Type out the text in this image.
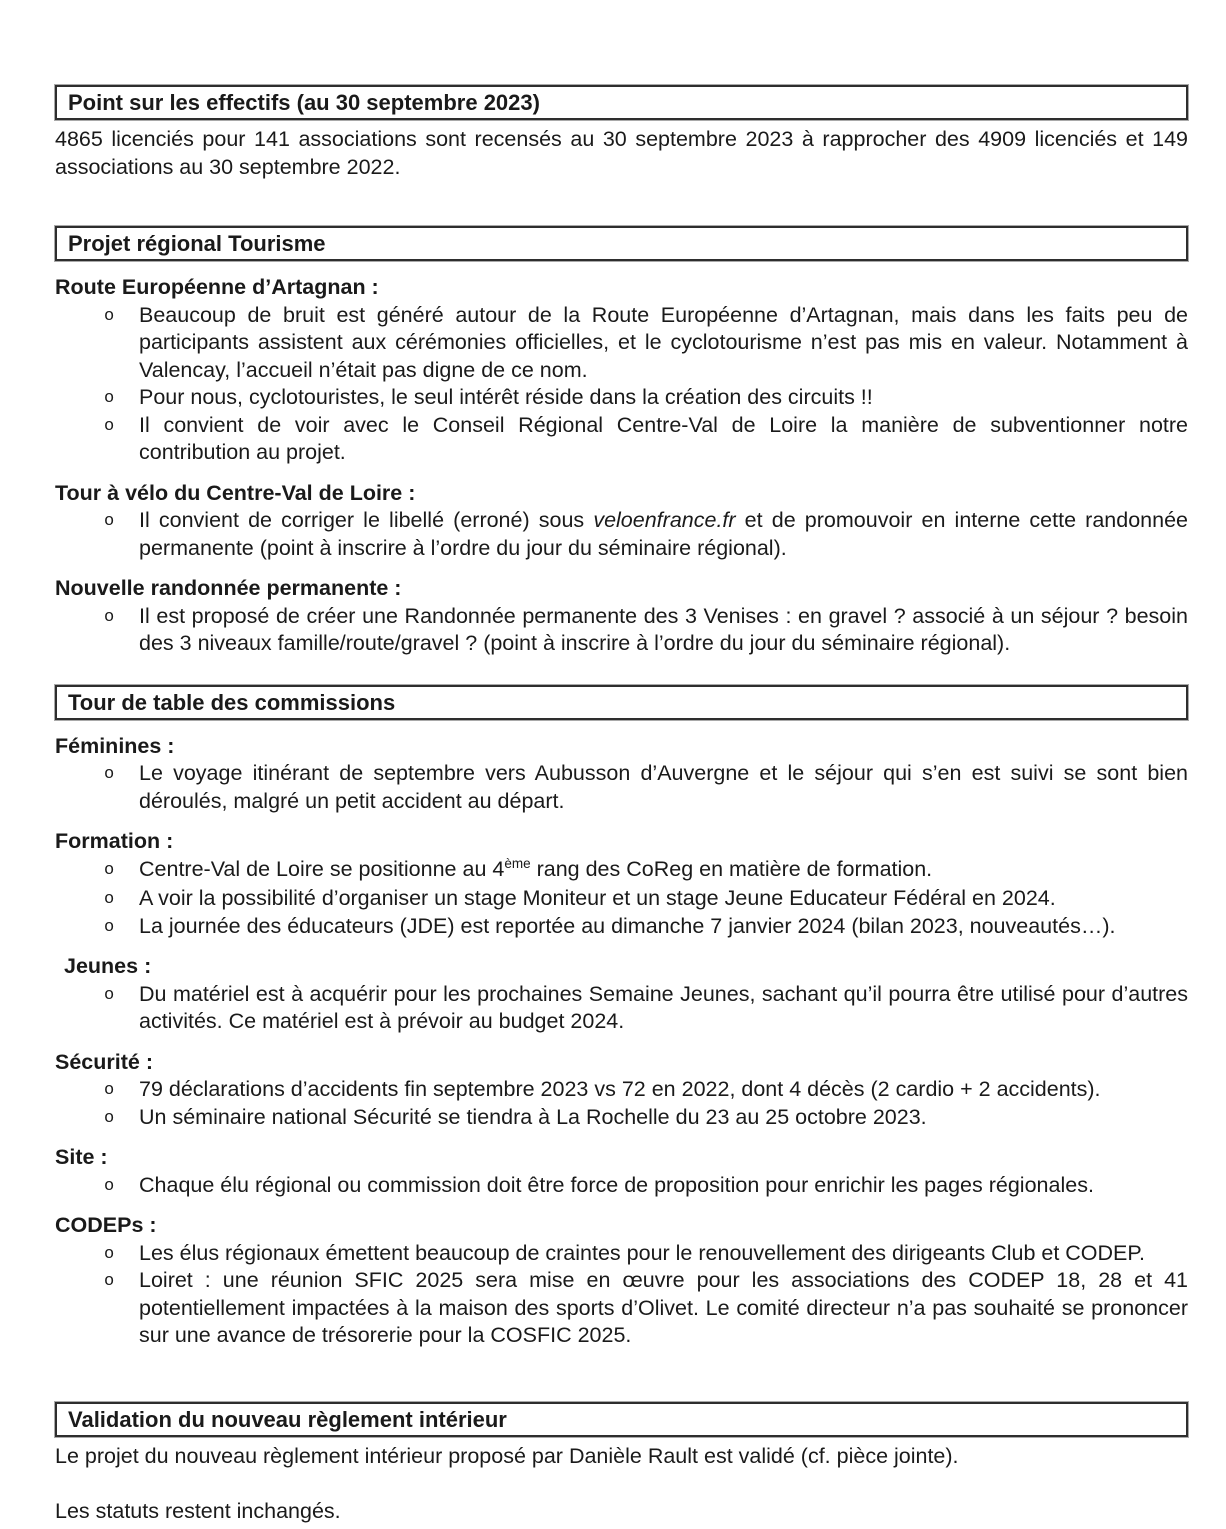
Point sur les effectifs (au 30 septembre 2023)

4865 licenciés pour 141 associations sont recensés au 30 septembre 2023 à rapprocher des 4909 licenciés et 149 associations au 30 septembre 2022.

Projet régional Tourisme
Route Européenne d’Artagnan :
o Beaucoup de bruit est généré autour de la Route Européenne d’Artagnan, mais dans les faits peu de participants assistent aux cérémonies officielles, et le cyclotourisme n’est pas mis en valeur. Notamment à Valencay, l’accueil n’était pas digne de ce nom.
o Pour nous, cyclotouristes, le seul intérêt réside dans la création des circuits !!
o Il convient de voir avec le Conseil Régional Centre-Val de Loire la manière de subventionner notre contribution au projet.
Tour à vélo du Centre-Val de Loire :
o Il convient de corriger le libellé (erroné) sous veloenfrance.fr et de promouvoir en interne cette randonnée permanente (point à inscrire à l’ordre du jour du séminaire régional).
Nouvelle randonnée permanente :
o Il est proposé de créer une Randonnée permanente des 3 Venises : en gravel ? associé à un séjour ? besoin des 3 niveaux famille/route/gravel ? (point à inscrire à l’ordre du jour du séminaire régional).
Tour de table des commissions
Féminines :
o Le voyage itinérant de septembre vers Aubusson d’Auvergne et le séjour qui s’en est suivi se sont bien déroulés, malgré un petit accident au départ.
Formation :
o Centre-Val de Loire se positionne au 4ème rang des CoReg en matière de formation.
o A voir la possibilité d’organiser un stage Moniteur et un stage Jeune Educateur Fédéral en 2024.
o La journée des éducateurs (JDE) est reportée au dimanche 7 janvier 2024 (bilan 2023, nouveautés…).
Jeunes :
o Du matériel est à acquérir pour les prochaines Semaine Jeunes, sachant qu’il pourra être utilisé pour d’autres activités. Ce matériel est à prévoir au budget 2024.
Sécurité :
o 79 déclarations d’accidents fin septembre 2023 vs 72 en 2022, dont 4 décès (2 cardio + 2 accidents).
o Un séminaire national Sécurité se tiendra à La Rochelle du 23 au 25 octobre 2023.
Site :
o Chaque élu régional ou commission doit être force de proposition pour enrichir les pages régionales.
CODEPs :
o Les élus régionaux émettent beaucoup de craintes pour le renouvellement des dirigeants Club et CODEP.
o Loiret : une réunion SFIC 2025 sera mise en œuvre pour les associations des CODEP 18, 28 et 41 potentiellement impactées à la maison des sports d’Olivet. Le comité directeur n’a pas souhaité se prononcer sur une avance de trésorerie pour la COSFIC 2025.
Validation du nouveau règlement intérieur

Le projet du nouveau règlement intérieur proposé par Danièle Rault est validé (cf. pièce jointe).

Les statuts restent inchangés.
